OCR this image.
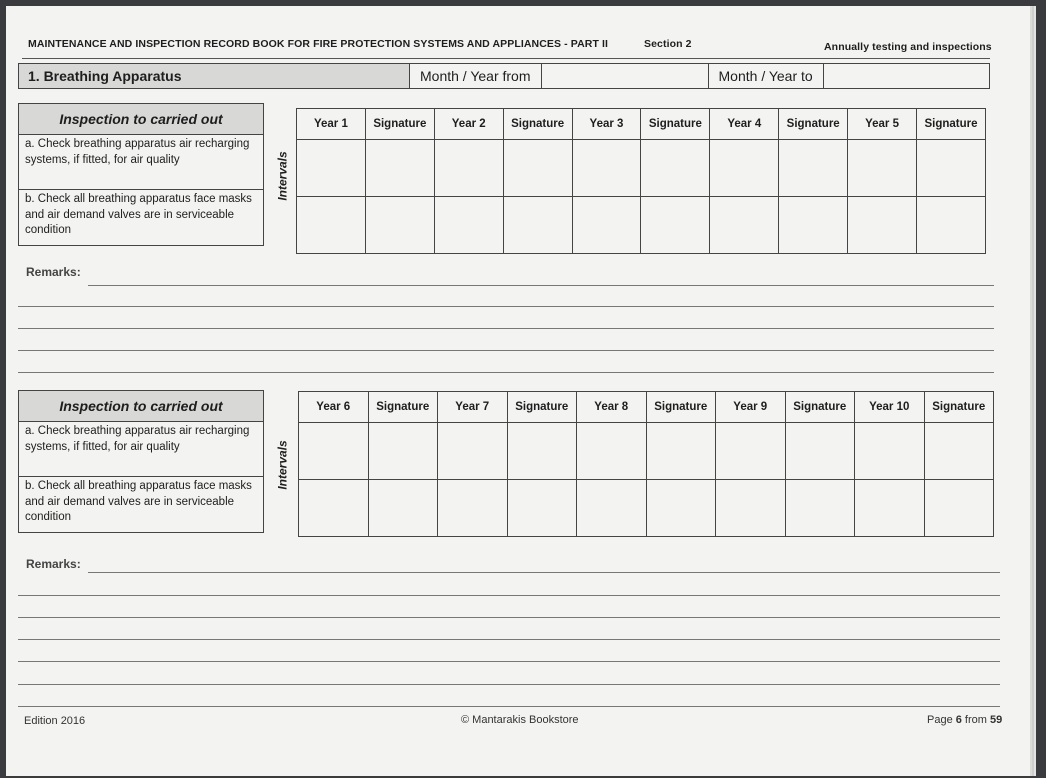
MAINTENANCE AND INSPECTION RECORD BOOK FOR FIRE PROTECTION SYSTEMS AND APPLIANCES - PART II	Section 2	Annually testing and inspections
1. Breathing Apparatus	Month / Year from	Month / Year to
Inspection to carried out
a. Check breathing apparatus air recharging systems, if fitted, for air quality
b. Check all breathing apparatus face masks and air demand valves are in serviceable condition
Intervals
Year 1	Signature	Year 2	Signature	Year 3	Signature	Year 4	Signature	Year 5	Signature

Remarks:
Inspection to carried out
a. Check breathing apparatus air recharging systems, if fitted, for air quality
b. Check all breathing apparatus face masks and air demand valves are in serviceable condition
Intervals
Year 6	Signature	Year 7	Signature	Year 8	Signature	Year 9	Signature	Year 10	Signature

Remarks:
Edition 2016	© Mantarakis Bookstore	Page 6 from 59
